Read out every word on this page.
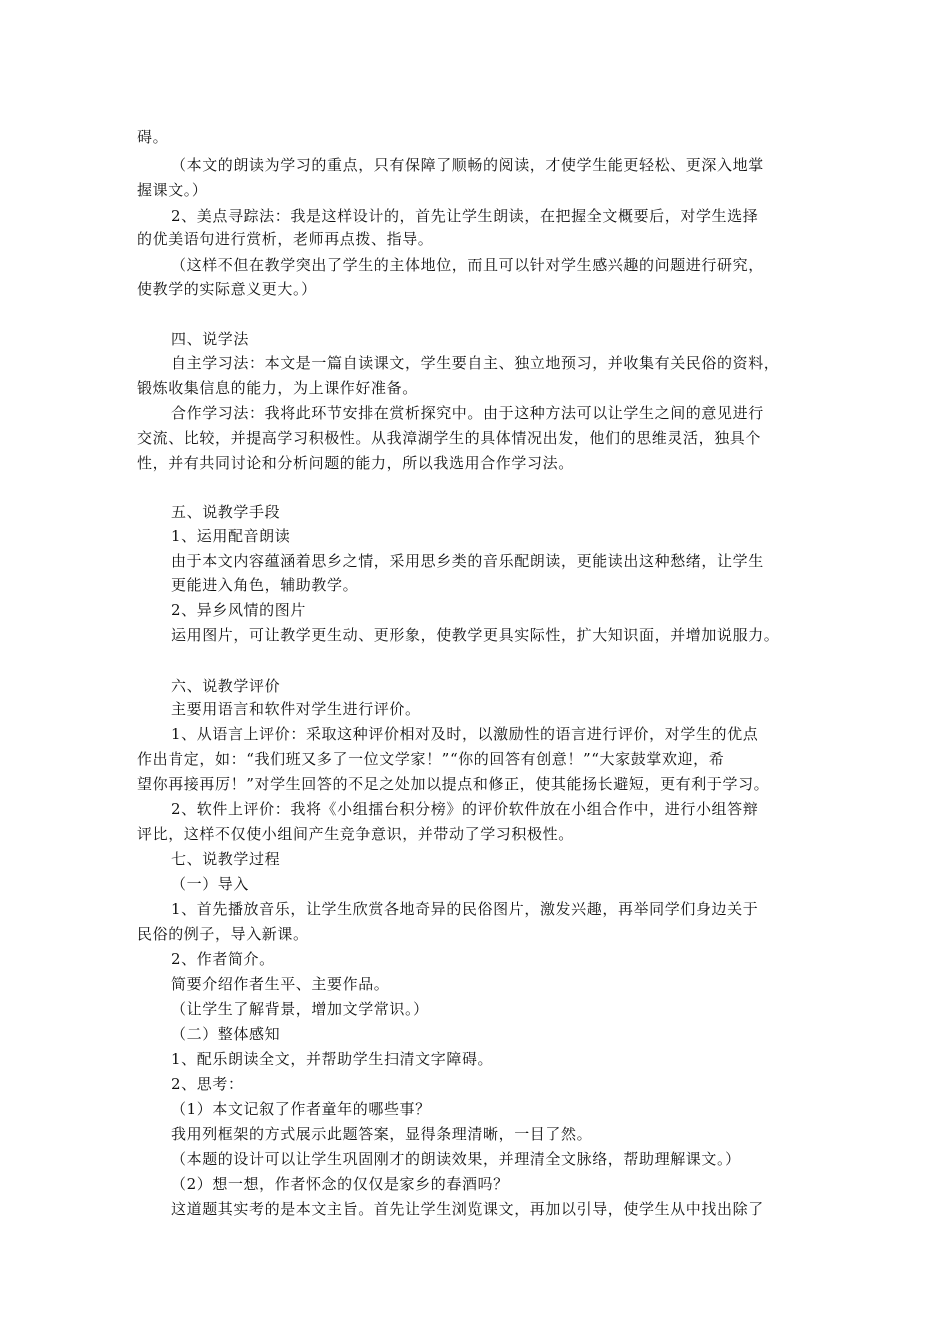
碍。
（本文的朗读为学习的重点，只有保障了顺畅的阅读，才使学生能更轻松、更深入地掌
握课文。）
2、美点寻踪法：我是这样设计的，首先让学生朗读，在把握全文概要后，对学生选择
的优美语句进行赏析，老师再点拨、指导。
（这样不但在教学突出了学生的主体地位，而且可以针对学生感兴趣的问题进行研究，
使教学的实际意义更大。）
四、说学法
自主学习法：本文是一篇自读课文，学生要自主、独立地预习，并收集有关民俗的资料，
锻炼收集信息的能力，为上课作好准备。
合作学习法：我将此环节安排在赏析探究中。由于这种方法可以让学生之间的意见进行
交流、比较，并提高学习积极性。从我漳湖学生的具体情况出发，他们的思维灵活，独具个
性，并有共同讨论和分析问题的能力，所以我选用合作学习法。
五、说教学手段
1、运用配音朗读
由于本文内容蕴涵着思乡之情，采用思乡类的音乐配朗读，更能读出这种愁绪，让学生
更能进入角色，辅助教学。
2、异乡风情的图片
运用图片，可让教学更生动、更形象，使教学更具实际性，扩大知识面，并增加说服力。
六、说教学评价
主要用语言和软件对学生进行评价。
1、从语言上评价：采取这种评价相对及时，以激励性的语言进行评价，对学生的优点
作出肯定，如：“我们班又多了一位文学家！”“你的回答有创意！”“大家鼓掌欢迎，希
望你再接再厉！”对学生回答的不足之处加以提点和修正，使其能扬长避短，更有利于学习。
2、软件上评价：我将《小组擂台积分榜》的评价软件放在小组合作中，进行小组答辩
评比，这样不仅使小组间产生竞争意识，并带动了学习积极性。
七、说教学过程
（一）导入
1、首先播放音乐，让学生欣赏各地奇异的民俗图片，激发兴趣，再举同学们身边关于
民俗的例子，导入新课。
2、作者简介。
简要介绍作者生平、主要作品。
（让学生了解背景，增加文学常识。）
（二）整体感知
1、配乐朗读全文，并帮助学生扫清文字障碍。
2、思考：
（1）本文记叙了作者童年的哪些事？
我用列框架的方式展示此题答案，显得条理清晰，一目了然。
（本题的设计可以让学生巩固刚才的朗读效果，并理清全文脉络，帮助理解课文。）
（2）想一想，作者怀念的仅仅是家乡的春酒吗？
这道题其实考的是本文主旨。首先让学生浏览课文，再加以引导，使学生从中找出除了
